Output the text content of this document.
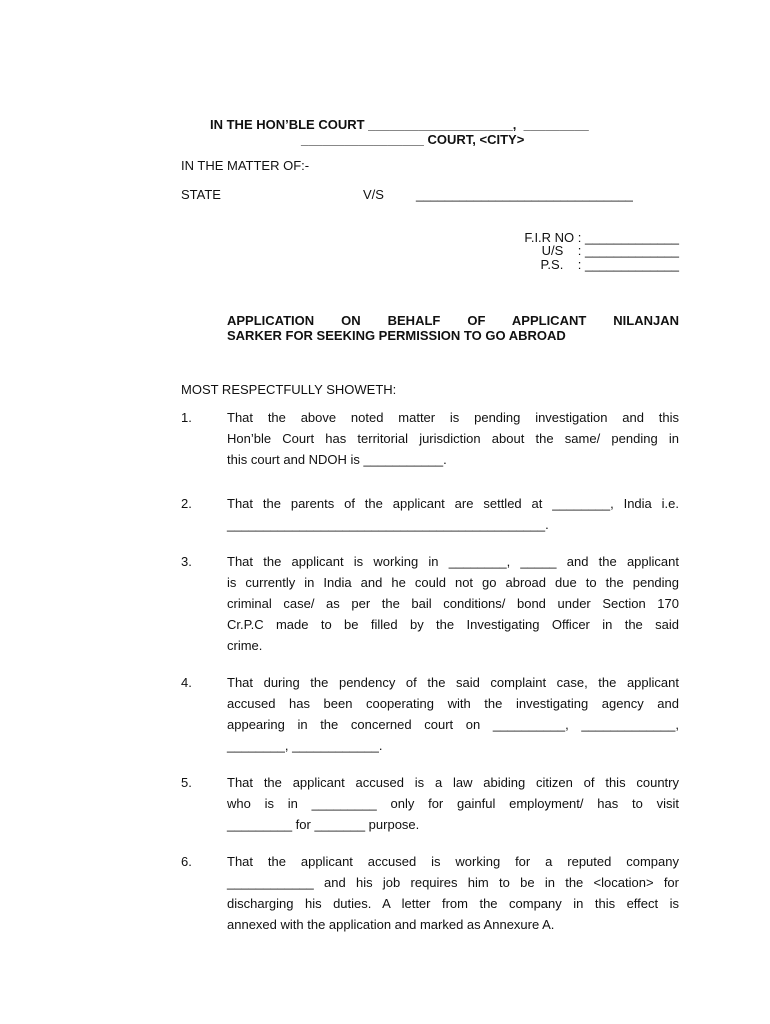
IN THE HON’BLE COURT ____________________,  _________
_________________ COURT, <CITY>
IN THE MATTER OF:-
STATE	V/S ______________________________
F.I.R NO : _____________
U/S    : _____________
P.S.    : _____________
APPLICATION ON BEHALF OF APPLICANT NILANJAN
SARKER FOR SEEKING PERMISSION TO GO ABROAD
MOST RESPECTFULLY SHOWETH:
1.	That the above noted matter is pending investigation and this
Hon’ble Court has territorial jurisdiction about the same/ pending in
this court and NDOH is ___________.
2.	That the parents of the applicant are settled at ________, India i.e.
____________________________________________.
3.	That the applicant is working in ________, _____ and the applicant
is currently in India and he could not go abroad due to the pending
criminal case/ as per the bail conditions/ bond under Section 170
Cr.P.C made to be filled by the Investigating Officer in the said
crime.
4.	That during the pendency of the said complaint case, the applicant
accused has been cooperating with the investigating agency and
appearing in the concerned court on __________, _____________,
________, ____________.
5.	That the applicant accused is a law abiding citizen of this country
who is in _________ only for gainful employment/ has to visit
_________ for _______ purpose.
6.	That the applicant accused is working for a reputed company
____________ and his job requires him to be in the <location> for
discharging his duties. A letter from the company in this effect is
annexed with the application and marked as Annexure A.
